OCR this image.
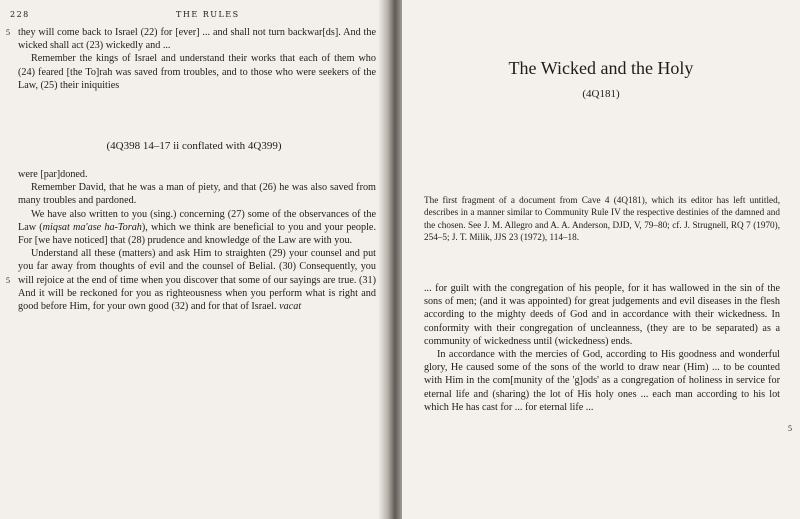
228	THE RULES
5 they will come back to Israel (22) for [ever] ... and shall not turn backwar[ds]. And the wicked shall act (23) wickedly and ...

Remember the kings of Israel and understand their works that each of them who (24) feared [the To]rah was saved from troubles, and to those who were seekers of the Law, (25) their iniquities

(4Q398 14–17 ii conflated with 4Q399)

were [par]doned.

Remember David, that he was a man of piety, and that (26) he was also saved from many troubles and pardoned.

We have also written to you (sing.) concerning (27) some of the observances of the Law (miqsat ma'ase ha-Torah), which we think are beneficial to you and your people. For [we have noticed] that (28) prudence and knowledge of the Law are with you.

Understand all these (matters) and ask Him to straighten (29) your counsel and put you far away from thoughts of evil and the counsel of Belial. (30) Consequently, you will rejoice at the end of time when you discover that some of our sayings are true. (31) And it will be reckoned for you as righteousness when you perform what is right and good before Him, for your own good (32) and for that of Israel. vacat

5
The Wicked and the Holy
(4Q181)
The first fragment of a document from Cave 4 (4Q181), which its editor has left untitled, describes in a manner similar to Community Rule IV the respective destinies of the damned and the chosen. See J. M. Allegro and A. A. Anderson, DJD, V, 79–80; cf. J. Strugnell, RQ 7 (1970), 254–5; J. T. Milik, JJS 23 (1972), 114–18.

... for guilt with the congregation of his people, for it has wallowed in the sin of the sons of men; (and it was appointed) for great judgements and evil diseases in the flesh according to the mighty deeds of God and in accordance with their wickedness. In conformity with their congregation of uncleanness, (they are to be separated) as a community of wickedness until (wickedness) ends.

In accordance with the mercies of God, according to His goodness and wonderful glory, He caused some of the sons of the world to draw near (Him) ... to be counted with Him in the com[munity of the 'g]ods' as a congregation of holiness in service for eternal life and (sharing) the lot of His holy ones ... each man according to his lot which He has cast for ... for eternal life ...

5
